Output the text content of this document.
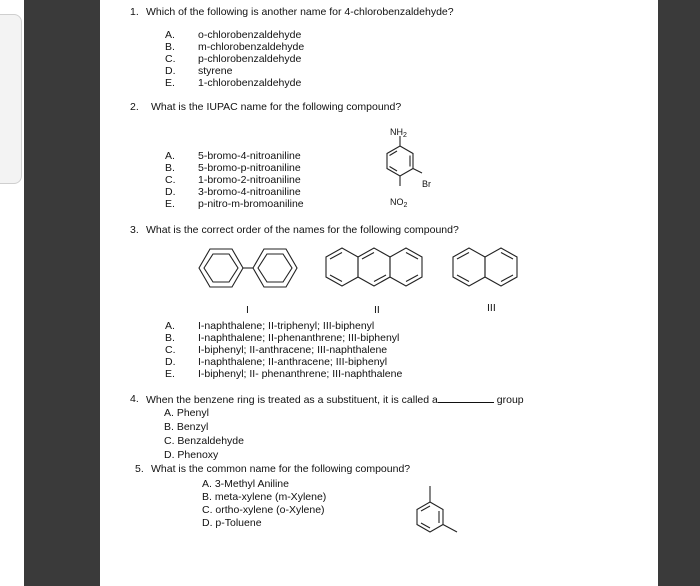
1. Which of the following is another name for 4-chlorobenzaldehyde?
A. o-chlorobenzaldehyde
B. m-chlorobenzaldehyde
C. p-chlorobenzaldehyde
D. styrene
E. 1-chlorobenzaldehyde
2. What is the IUPAC name for the following compound?
A. 5-bromo-4-nitroaniline
B. 5-bromo-p-nitroaniline
C. 1-bromo-2-nitroaniline
D. 3-bromo-4-nitroaniline
E. p-nitro-m-bromoaniline
$NH_2$
Br
$NO_2$
3. What is the correct order of the names for the following compound?
I	II	III
A. I-naphthalene; II-triphenyl; III-biphenyl
B. I-naphthalene; II-phenanthrene; III-biphenyl
C. I-biphenyl; II-anthracene; III-naphthalene
D. I-naphthalene; II-anthracene; III-biphenyl
E. I-biphenyl; II- phenanthrene; III-naphthalene
4. When the benzene ring is treated as a substituent, it is called a	group
A. Phenyl
B. Benzyl
C. Benzaldehyde
D. Phenoxy
5. What is the common name for the following compound?
A. 3-Methyl Aniline
B. meta-xylene (m-Xylene)
C. ortho-xylene (o-Xylene)
D. p-Toluene
